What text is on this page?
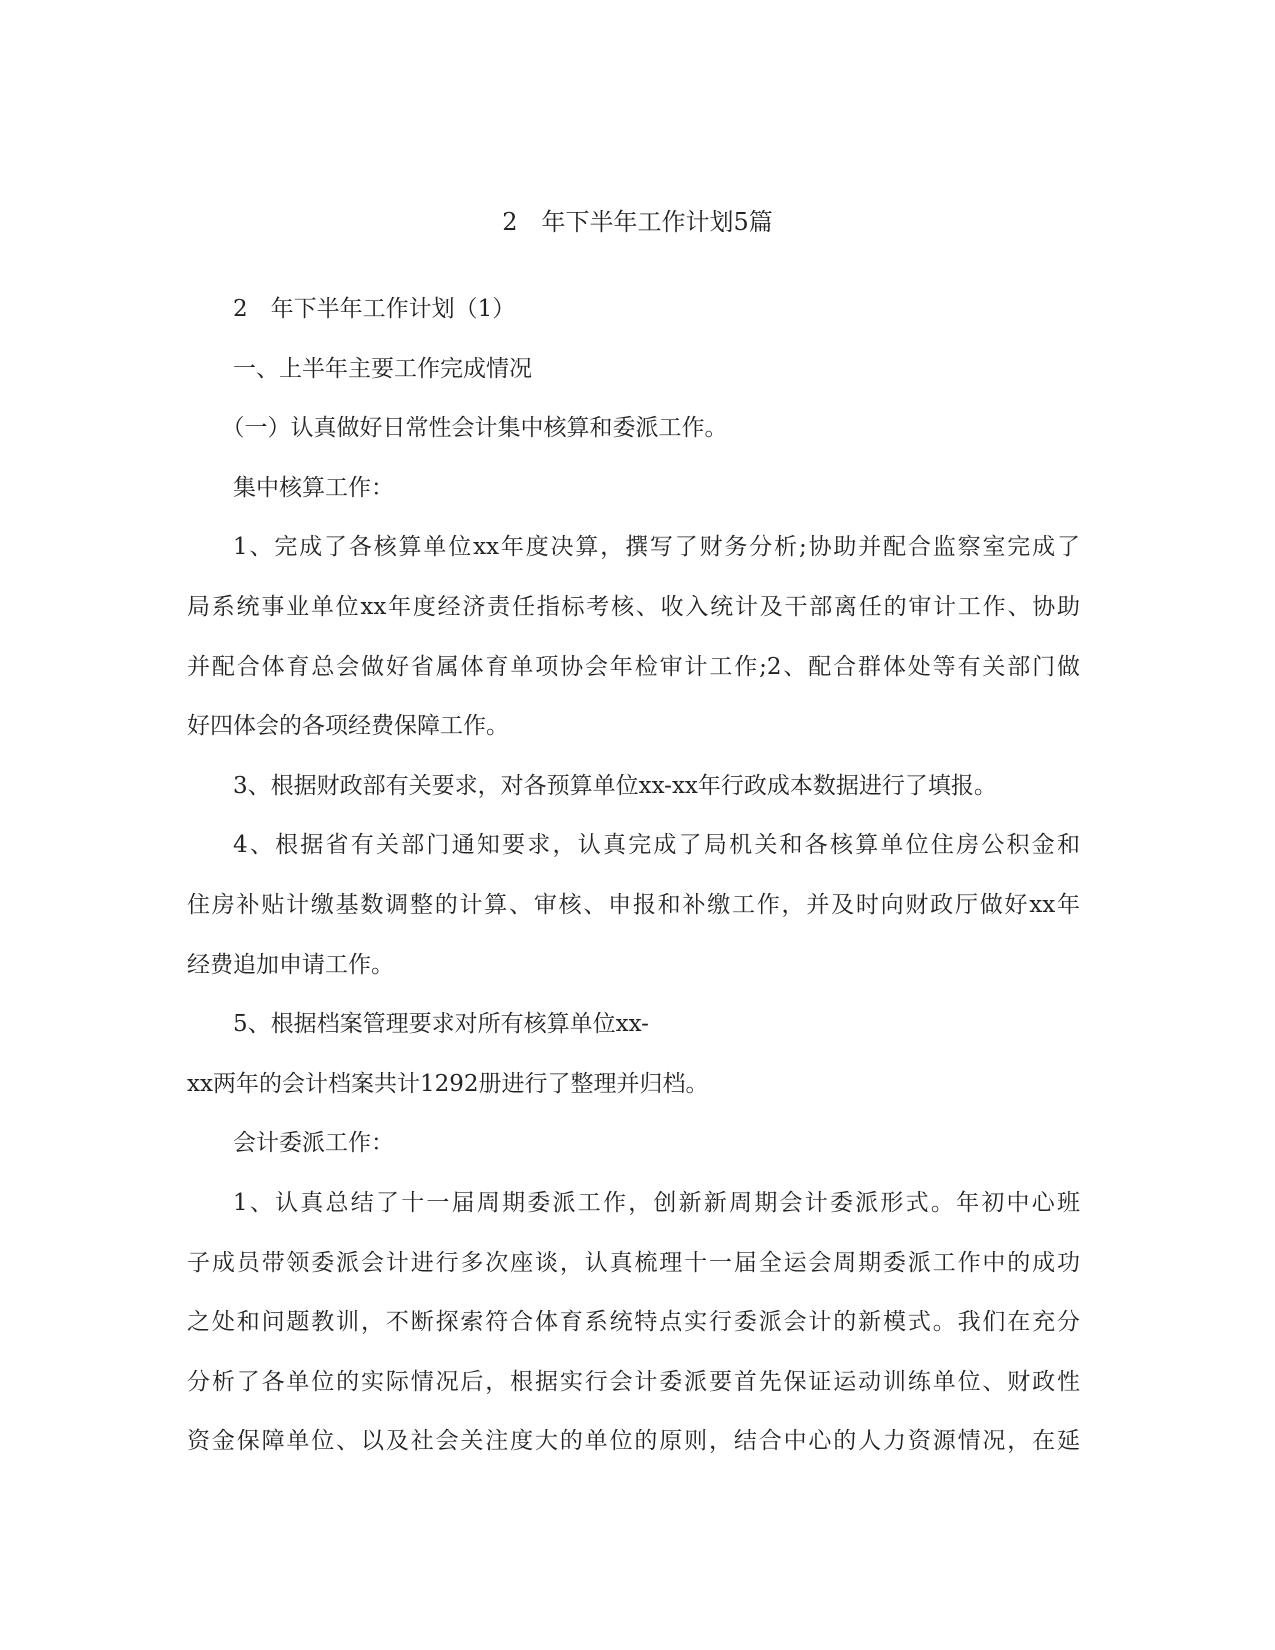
2　年下半年工作计划5篇

2　年下半年工作计划（1）

一、上半年主要工作完成情况

（一）认真做好日常性会计集中核算和委派工作。

集中核算工作：

1、完成了各核算单位xx年度决算，撰写了财务分析;协助并配合监察室完成了

局系统事业单位xx年度经济责任指标考核、收入统计及干部离任的审计工作、协助

并配合体育总会做好省属体育单项协会年检审计工作;2、配合群体处等有关部门做

好四体会的各项经费保障工作。

3、根据财政部有关要求，对各预算单位xx-xx年行政成本数据进行了填报。

4、根据省有关部门通知要求，认真完成了局机关和各核算单位住房公积金和

住房补贴计缴基数调整的计算、审核、申报和补缴工作，并及时向财政厅做好xx年

经费追加申请工作。

5、根据档案管理要求对所有核算单位xx-

xx两年的会计档案共计1292册进行了整理并归档。

会计委派工作：

1、认真总结了十一届周期委派工作，创新新周期会计委派形式。年初中心班

子成员带领委派会计进行多次座谈，认真梳理十一届全运会周期委派工作中的成功

之处和问题教训，不断探索符合体育系统特点实行委派会计的新模式。我们在充分

分析了各单位的实际情况后，根据实行会计委派要首先保证运动训练单位、财政性

资金保障单位、以及社会关注度大的单位的原则，结合中心的人力资源情况，在延
